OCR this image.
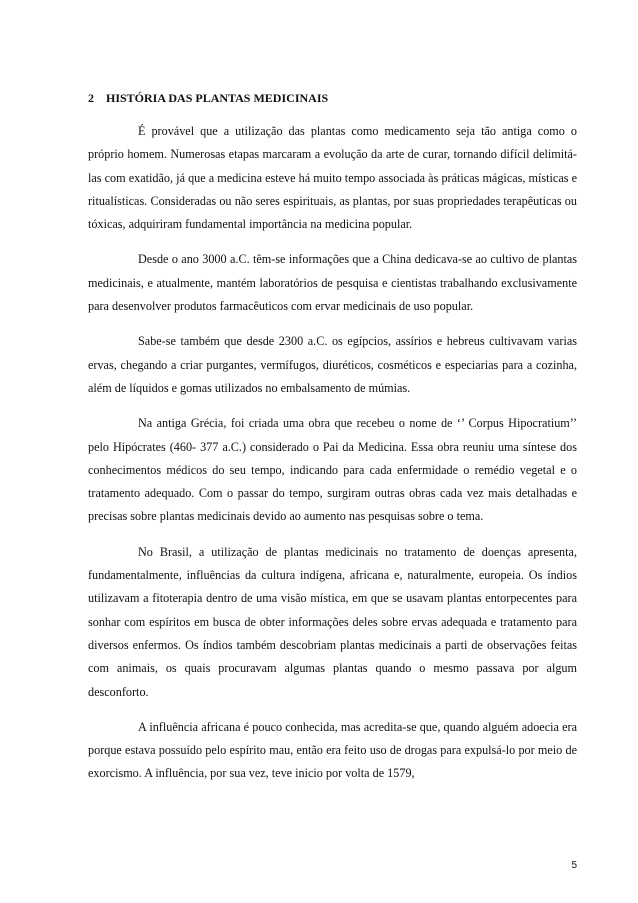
2 HISTÓRIA DAS PLANTAS MEDICINAIS

É provável que a utilização das plantas como medicamento seja tão antiga como o próprio homem. Numerosas etapas marcaram a evolução da arte de curar, tornando difícil delimitá-las com exatidão, já que a medicina esteve há muito tempo associada às práticas mágicas, místicas e ritualísticas. Consideradas ou não seres espirituais, as plantas, por suas propriedades terapêuticas ou tóxicas, adquiriram fundamental importância na medicina popular.

Desde o ano 3000 a.C. têm-se informações que a China dedicava-se ao cultivo de plantas medicinais, e atualmente, mantém laboratórios de pesquisa e cientistas trabalhando exclusivamente para desenvolver produtos farmacêuticos com ervar medicinais de uso popular.

Sabe-se também que desde 2300 a.C. os egípcios, assírios e hebreus cultivavam varias ervas, chegando a criar purgantes, vermífugos, diuréticos, cosméticos e especiarias para a cozinha, além de líquidos e gomas utilizados no embalsamento de múmias.

Na antiga Grécia, foi criada uma obra que recebeu o nome de ‘’ Corpus Hipocratium’’ pelo Hipócrates (460- 377 a.C.) considerado o Pai da Medicina. Essa obra reuniu uma síntese dos conhecimentos médicos do seu tempo, indicando para cada enfermidade o remédio vegetal e o tratamento adequado. Com o passar do tempo, surgiram outras obras cada vez mais detalhadas e precisas sobre plantas medicinais devido ao aumento nas pesquisas sobre o tema.

No Brasil, a utilização de plantas medicinais no tratamento de doenças apresenta, fundamentalmente, influências da cultura indígena, africana e, naturalmente, europeia. Os índios utilizavam a fitoterapia dentro de uma visão mística, em que se usavam plantas entorpecentes para sonhar com espíritos em busca de obter informações deles sobre ervas adequada e tratamento para diversos enfermos. Os índios também descobriam plantas medicinais a parti de observações feitas com animais, os quais procuravam algumas plantas quando o mesmo passava por algum desconforto.

A influência africana é pouco conhecida, mas acredita-se que, quando alguém adoecia era porque estava possuído pelo espírito mau, então era feito uso de drogas para expulsá-lo por meio de exorcismo. A influência, por sua vez, teve inicio por volta de 1579,

5
